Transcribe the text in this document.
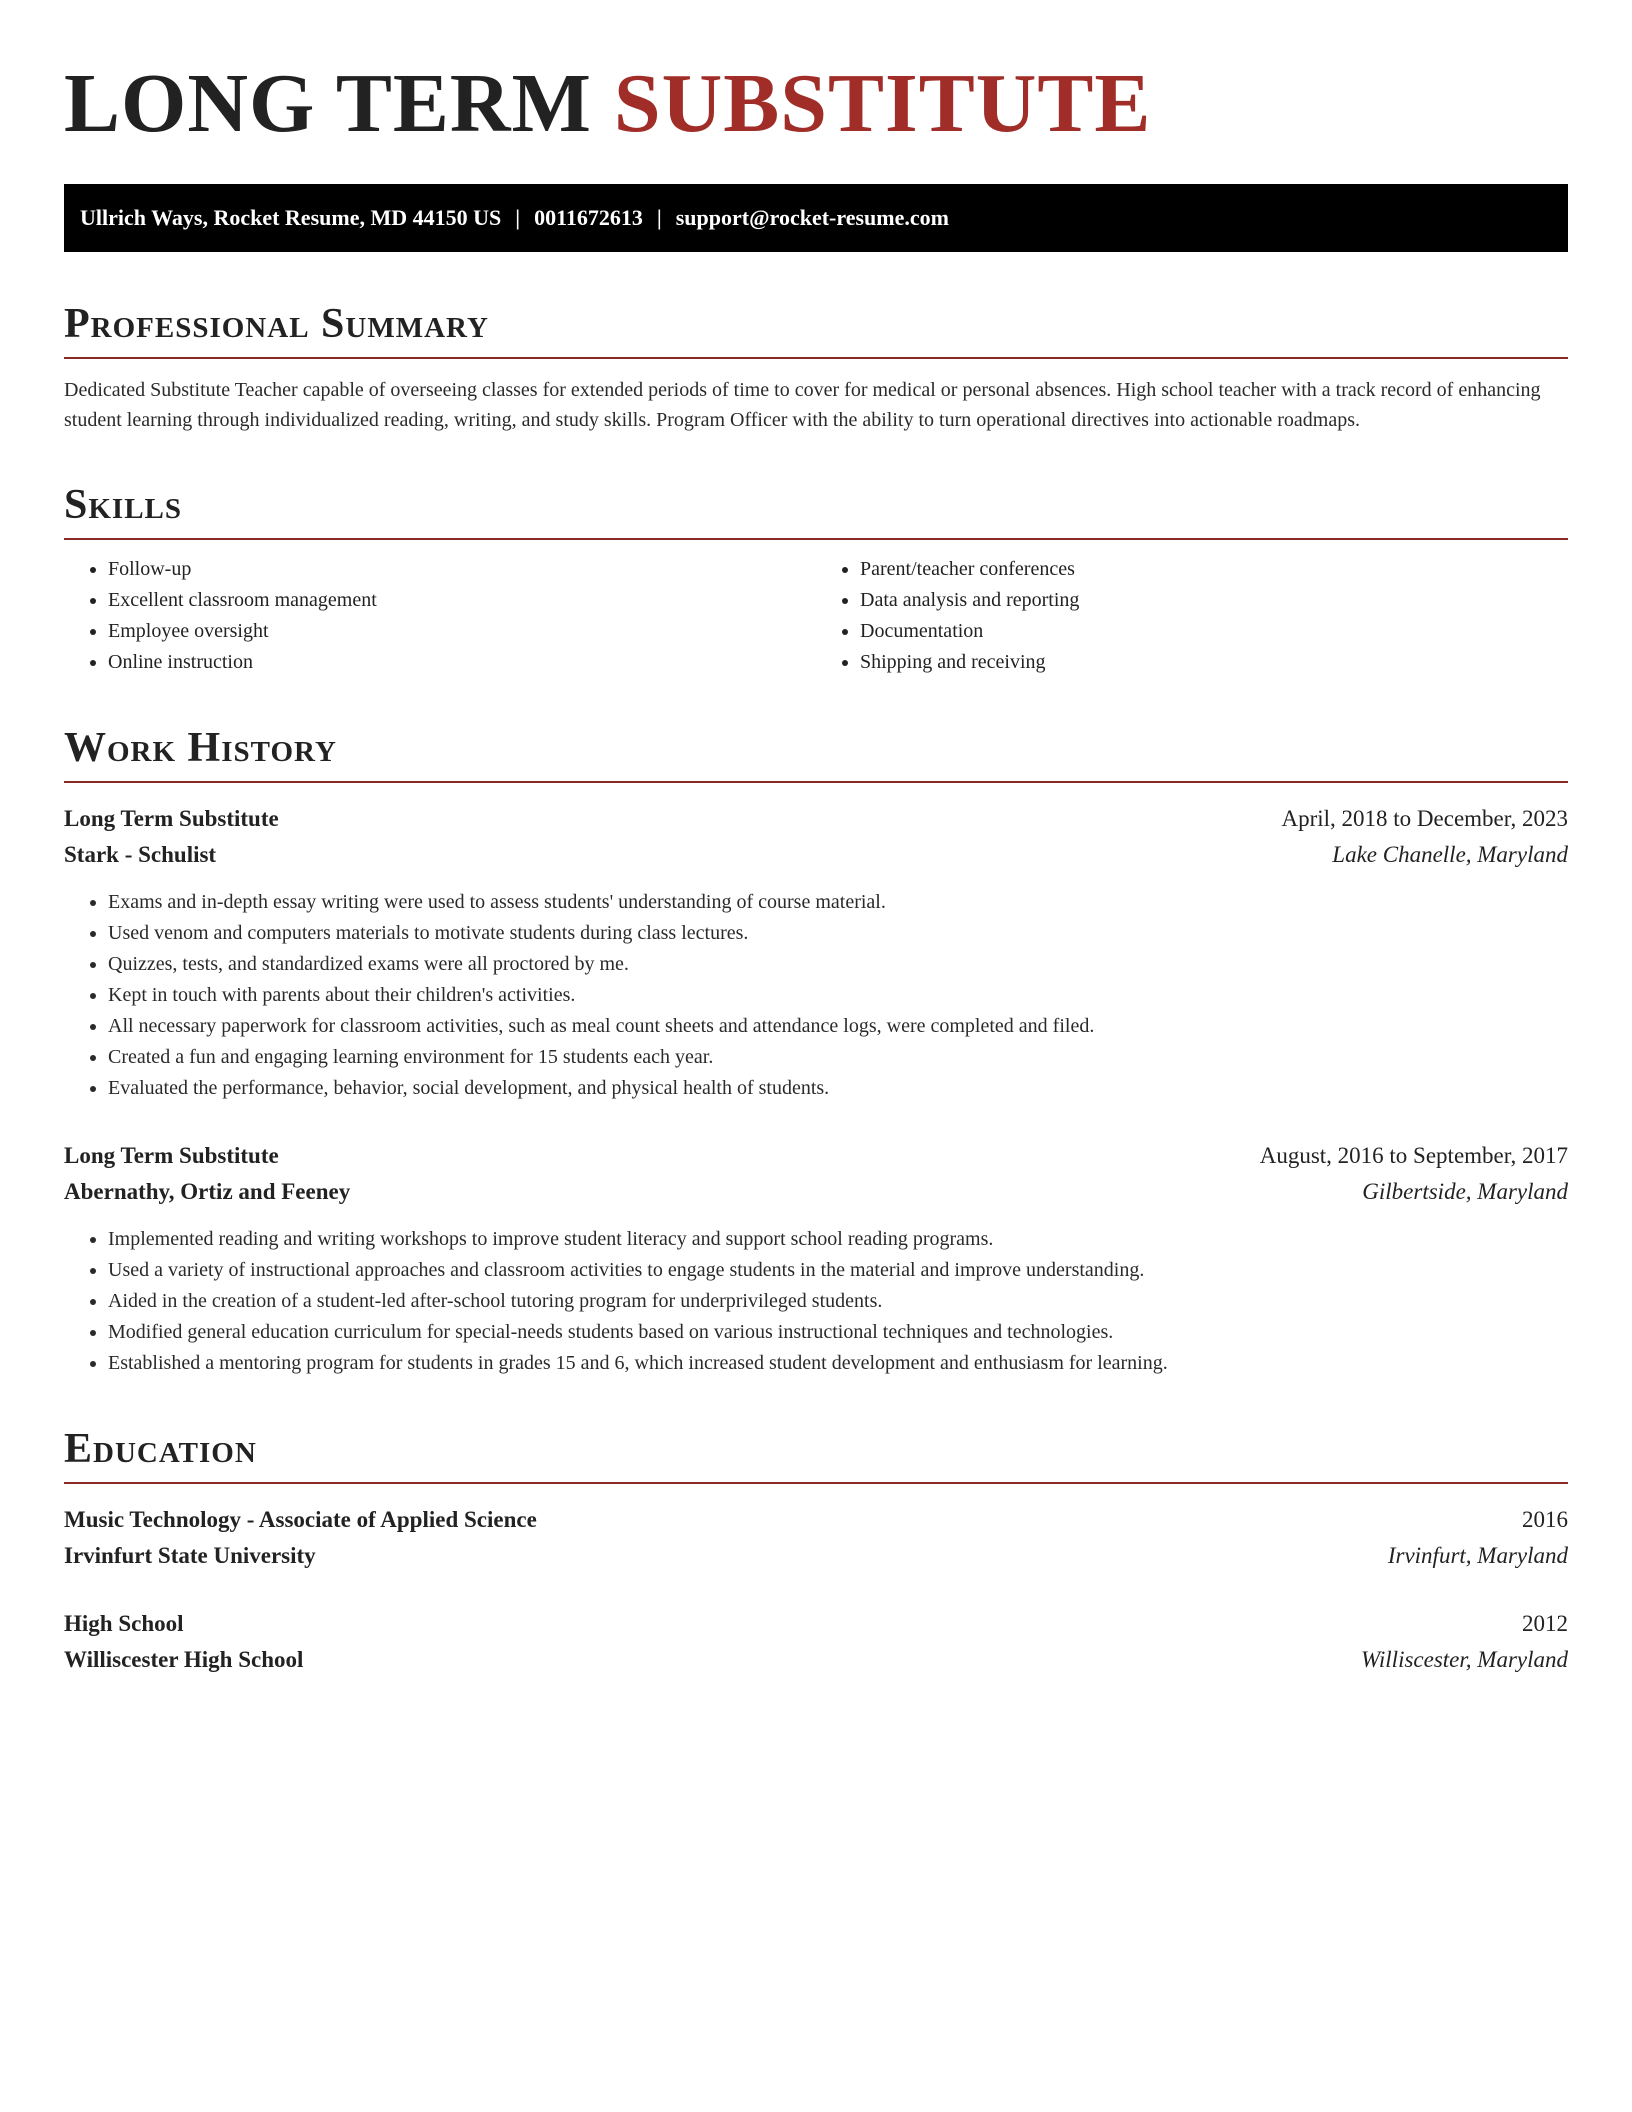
LONG TERM SUBSTITUTE
Ullrich Ways, Rocket Resume, MD 44150 US | 0011672613 | support@rocket-resume.com
Professional Summary

Dedicated Substitute Teacher capable of overseeing classes for extended periods of time to cover for medical or personal absences. High school teacher with a track record of enhancing student learning through individualized reading, writing, and study skills. Program Officer with the ability to turn operational directives into actionable roadmaps.

Skills
• Follow-up
• Excellent classroom management
• Employee oversight
• Online instruction
• Parent/teacher conferences
• Data analysis and reporting
• Documentation
• Shipping and receiving
Work History
Long Term Substitute	April, 2018 to December, 2023
Stark - Schulist	Lake Chanelle, Maryland
• Exams and in-depth essay writing were used to assess students' understanding of course material.
• Used venom and computers materials to motivate students during class lectures.
• Quizzes, tests, and standardized exams were all proctored by me.
• Kept in touch with parents about their children's activities.
• All necessary paperwork for classroom activities, such as meal count sheets and attendance logs, were completed and filed.
• Created a fun and engaging learning environment for 15 students each year.
• Evaluated the performance, behavior, social development, and physical health of students.
Long Term Substitute	August, 2016 to September, 2017
Abernathy, Ortiz and Feeney	Gilbertside, Maryland
• Implemented reading and writing workshops to improve student literacy and support school reading programs.
• Used a variety of instructional approaches and classroom activities to engage students in the material and improve understanding.
• Aided in the creation of a student-led after-school tutoring program for underprivileged students.
• Modified general education curriculum for special-needs students based on various instructional techniques and technologies.
• Established a mentoring program for students in grades 15 and 6, which increased student development and enthusiasm for learning.
Education
Music Technology - Associate of Applied Science	2016
Irvinfurt State University	Irvinfurt, Maryland
High School	2012
Williscester High School	Williscester, Maryland
